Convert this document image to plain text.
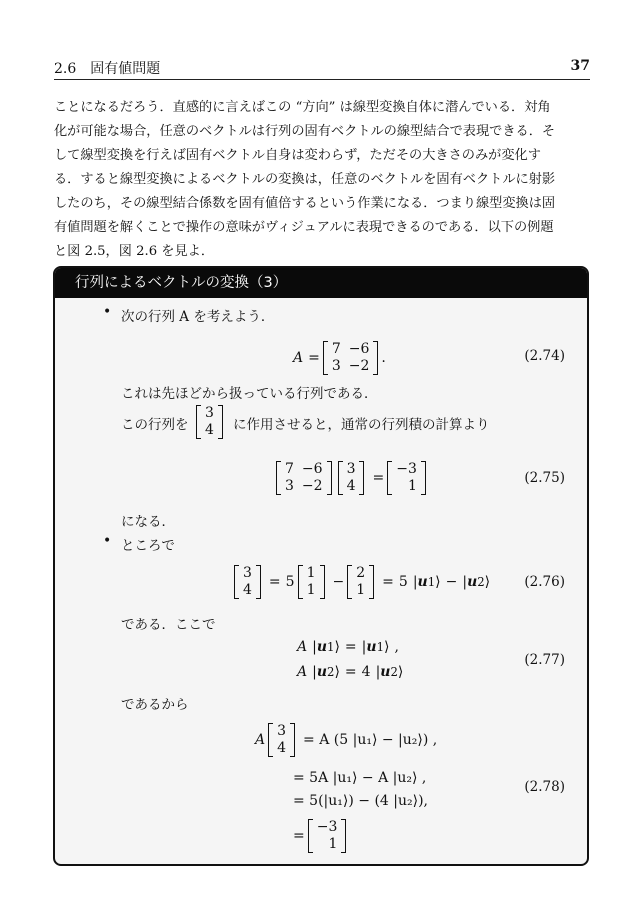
2.6　固有値問題	37
ことになるだろう．直感的に言えばこの “方向” は線型変換自体に潜んでいる．対角
化が可能な場合，任意のベクトルは行列の固有ベクトルの線型結合で表現できる．そ
して線型変換を行えば固有ベクトル自身は変わらず，ただその大きさのみが変化す
る．すると線型変換によるベクトルの変換は，任意のベクトルを固有ベクトルに射影
したのち，その線型結合係数を固有値倍するという作業になる．つまり線型変換は固
有値問題を解くことで操作の意味がヴィジュアルに表現できるのである．以下の例題
と図 2.5，図 2.6 を見よ．
行列によるベクトルの変換（3）
• 次の行列 A を考えよう．
A =
7	−6
3	−2 .	(2.74)
これは先ほどから扱っている行列である．
この行列を
3
4 に作用させると，通常の行列積の計算より
7	−6
3	−2
3
4 =
−3
1	(2.75)
になる．
• ところで
3
4 = 5
1
1 −
2
1 = 5 | u 1 ⟩ − | u 2 ⟩	(2.76)
である．ここで
A | u 1 ⟩ = | u 1 ⟩ ,
A | u 2 ⟩ = 4 | u 2 ⟩
(2.77)
であるから
A
3
4 = A (5 |u₁⟩ − |u₂⟩) ,
= 5A |u₁⟩ − A |u₂⟩ ,
= 5(|u₁⟩) − (4 |u₂⟩),
=
−3
1
(2.78)
